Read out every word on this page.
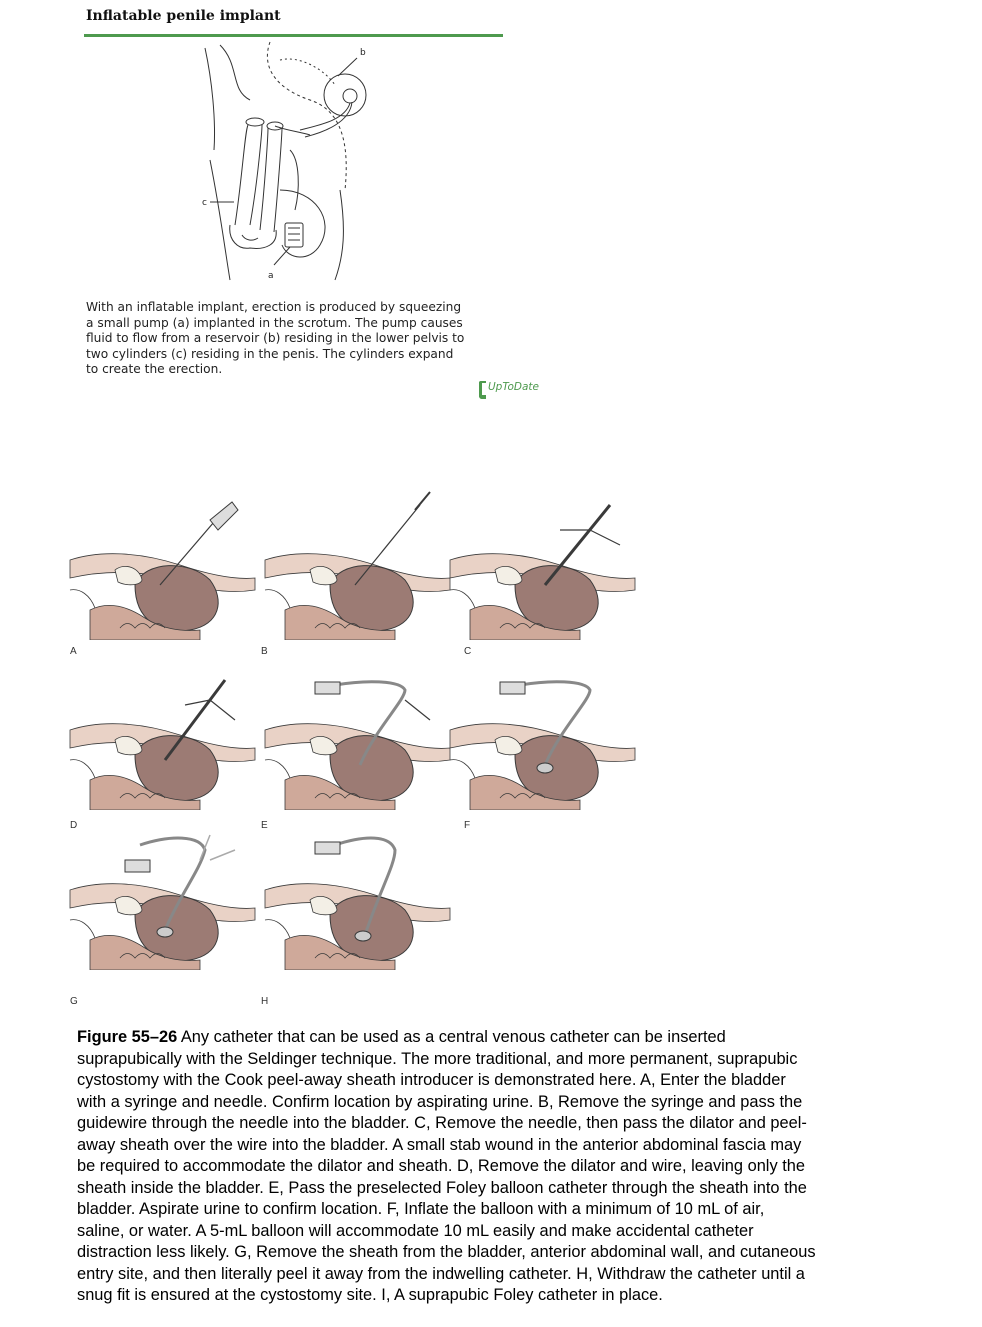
Inflatable penile implant
c
b
a
With an inflatable implant, erection is produced by squeezing
a small pump (a) implanted in the scrotum. The pump causes
fluid to flow from a reservoir (b) residing in the lower pelvis to
two cylinders (c) residing in the penis. The cylinders expand
to create the erection.
UpToDate
A	B	C
D	E	F
G	H
Figure 55–26 Any catheter that can be used as a central venous catheter can be inserted
suprapubically with the Seldinger technique. The more traditional, and more permanent, suprapubic
cystostomy with the Cook peel-away sheath introducer is demonstrated here. A, Enter the bladder
with a syringe and needle. Confirm location by aspirating urine. B, Remove the syringe and pass the
guidewire through the needle into the bladder. C, Remove the needle, then pass the dilator and peel-
away sheath over the wire into the bladder. A small stab wound in the anterior abdominal fascia may
be required to accommodate the dilator and sheath. D, Remove the dilator and wire, leaving only the
sheath inside the bladder. E, Pass the preselected Foley balloon catheter through the sheath into the
bladder. Aspirate urine to confirm location. F, Inflate the balloon with a minimum of 10 mL of air,
saline, or water. A 5-mL balloon will accommodate 10 mL easily and make accidental catheter
distraction less likely. G, Remove the sheath from the bladder, anterior abdominal wall, and cutaneous
entry site, and then literally peel it away from the indwelling catheter. H, Withdraw the catheter until a
snug fit is ensured at the cystostomy site. I, A suprapubic Foley catheter in place.
